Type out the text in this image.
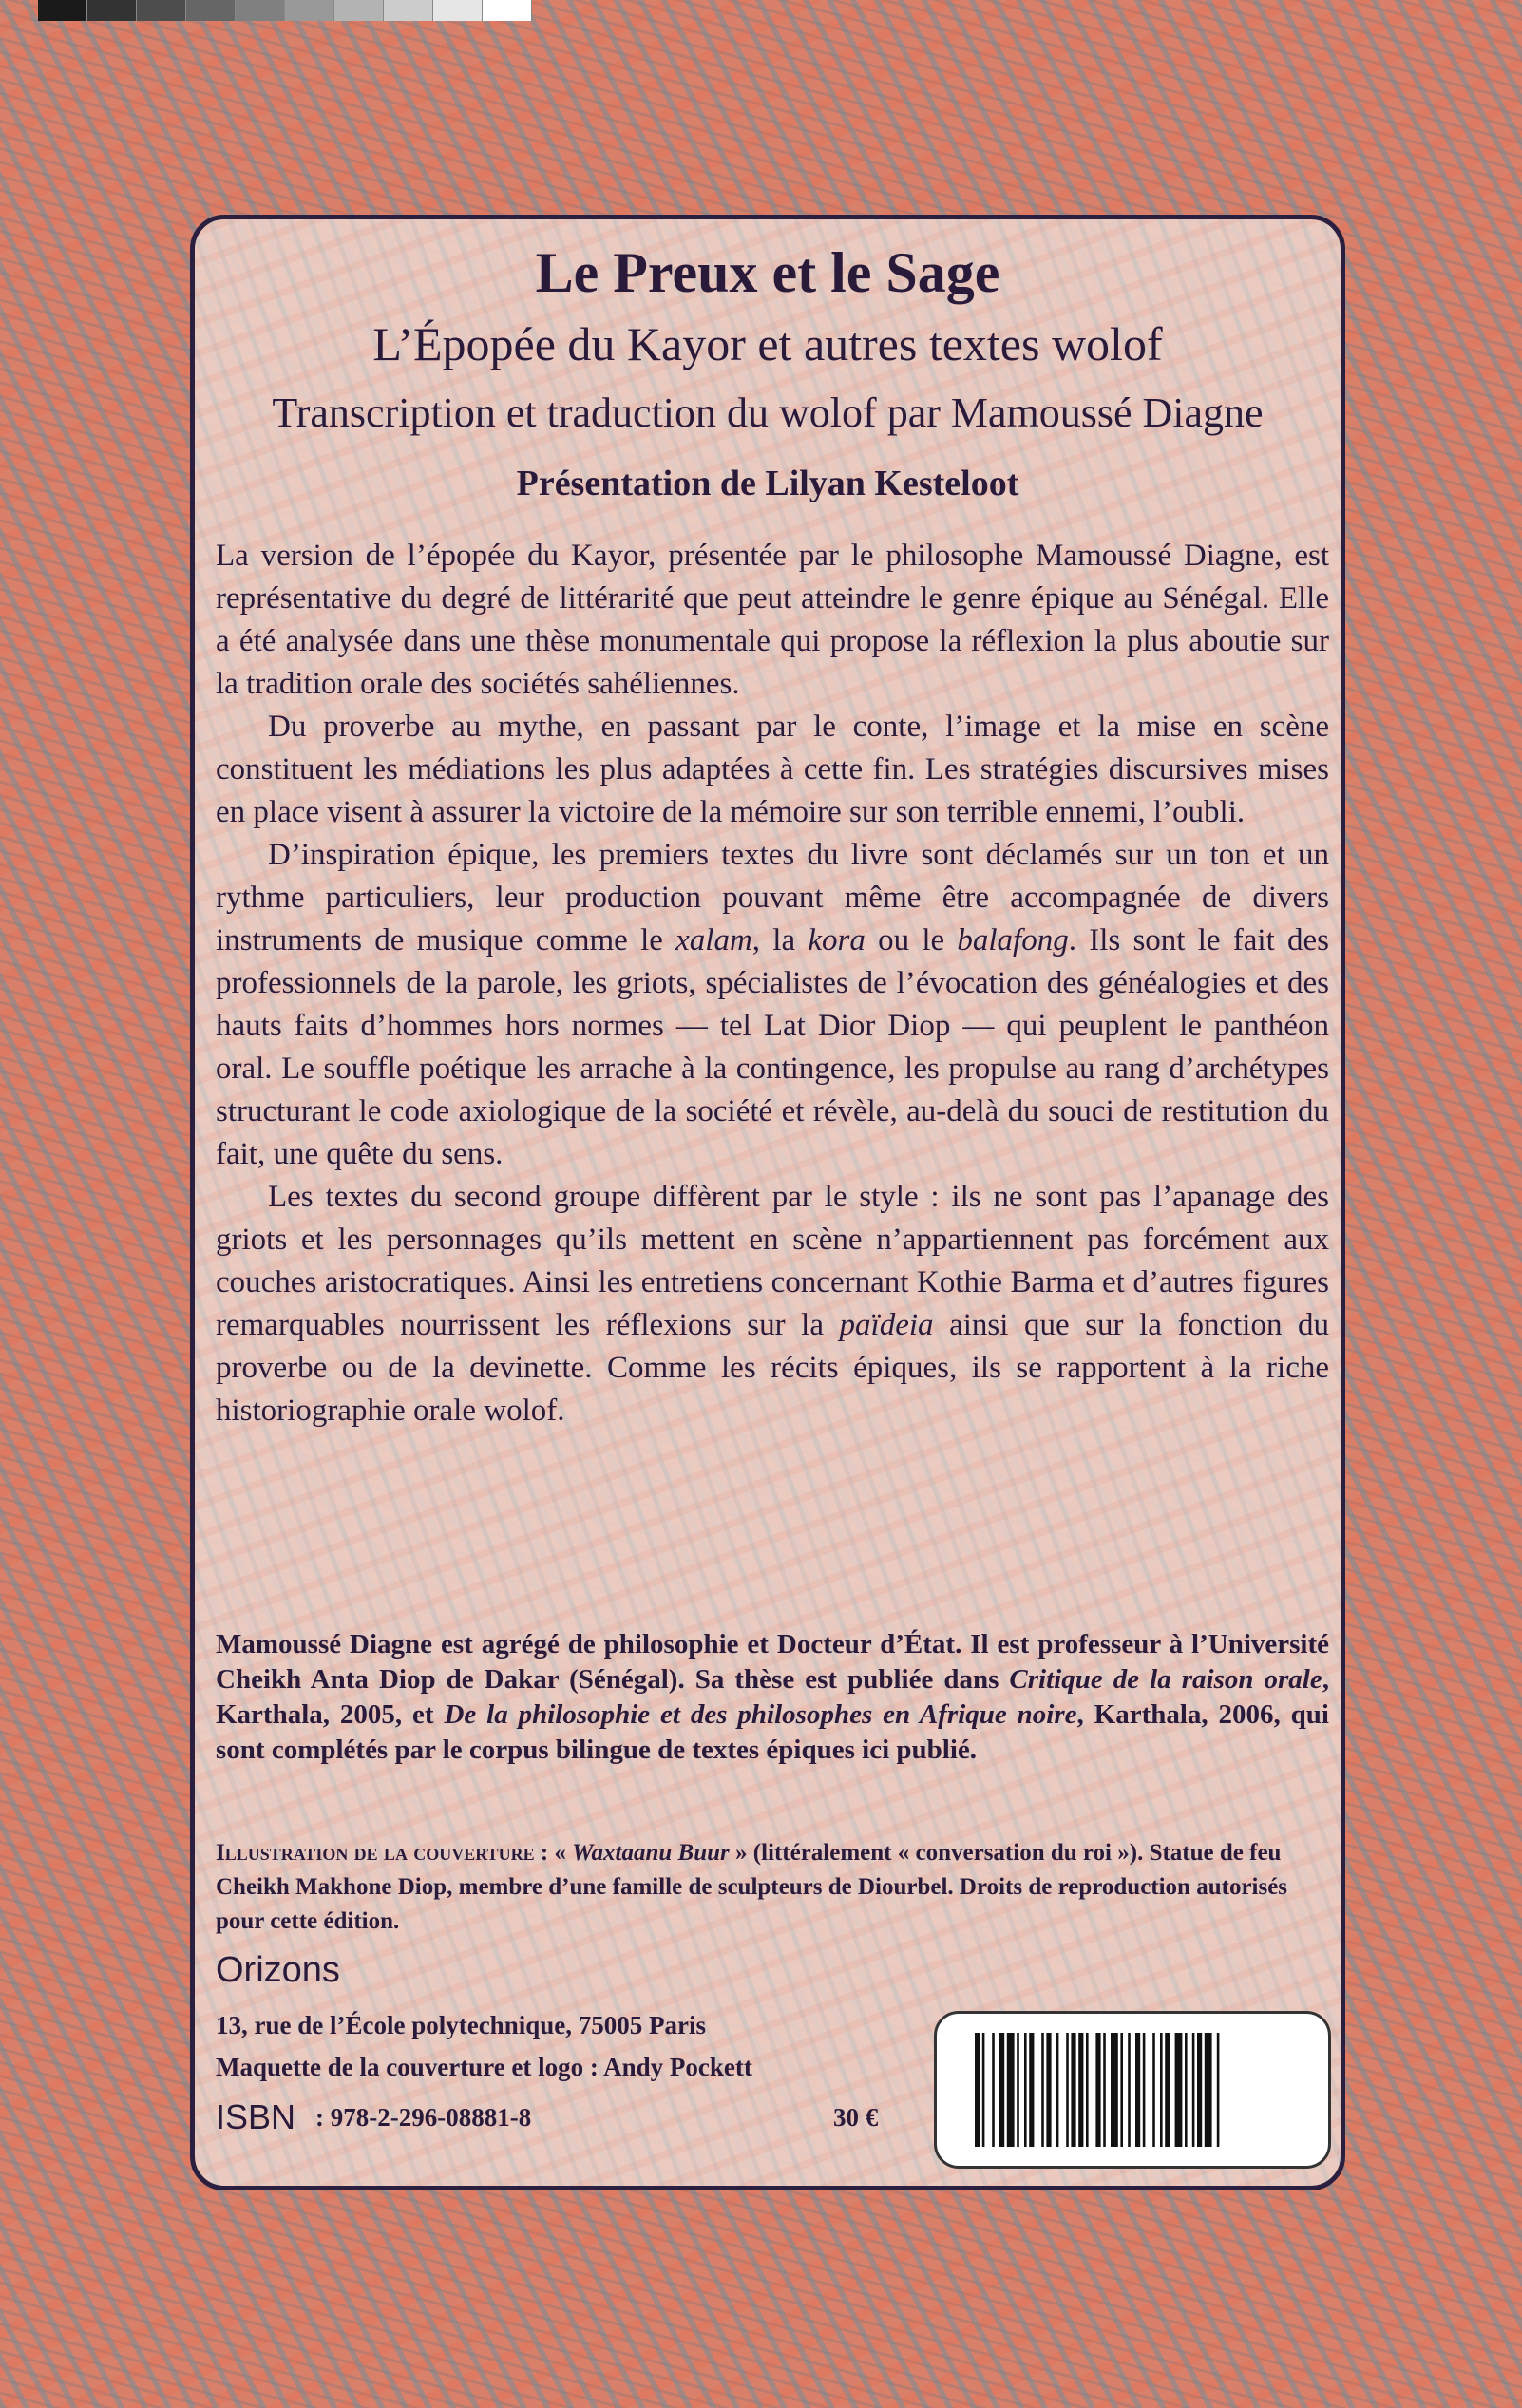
Le Preux et le Sage
L’Épopée du Kayor et autres textes wolof
Transcription et traduction du wolof par Mamoussé Diagne
Présentation de Lilyan Kesteloot

La version de l’épopée du Kayor, présentée par le philosophe Mamoussé Diagne, est représentative du degré de littérarité que peut atteindre le genre épique au Sénégal. Elle a été analysée dans une thèse monumentale qui propose la réflexion la plus aboutie sur la tradition orale des sociétés sahéliennes.

Du proverbe au mythe, en passant par le conte, l’image et la mise en scène constituent les médiations les plus adaptées à cette fin. Les stratégies discursives mises en place visent à assurer la victoire de la mémoire sur son terrible ennemi, l’oubli.

D’inspiration épique, les premiers textes du livre sont déclamés sur un ton et un rythme particuliers, leur production pouvant même être accompagnée de divers instruments de musique comme le xalam, la kora ou le balafong. Ils sont le fait des professionnels de la parole, les griots, spécialistes de l’évocation des généalogies et des hauts faits d’hommes hors normes — tel Lat Dior Diop — qui peuplent le panthéon oral. Le souffle poétique les arrache à la contingence, les propulse au rang d’archétypes structurant le code axiologique de la société et révèle, au-delà du souci de restitution du fait, une quête du sens.

Les textes du second groupe diffèrent par le style : ils ne sont pas l’apanage des griots et les personnages qu’ils mettent en scène n’appartiennent pas forcément aux couches aristocratiques. Ainsi les entretiens concernant Kothie Barma et d’autres figures remarquables nourrissent les réflexions sur la païdeia ainsi que sur la fonction du proverbe ou de la devinette. Comme les récits épiques, ils se rapportent à la riche historiographie orale wolof.

Mamoussé Diagne est agrégé de philosophie et Docteur d’État. Il est professeur à l’Université Cheikh Anta Diop de Dakar (Sénégal). Sa thèse est publiée dans Critique de la raison orale, Karthala, 2005, et De la philosophie et des philosophes en Afrique noire, Karthala, 2006, qui sont complétés par le corpus bilingue de textes épiques ici publié.
Illustration de la couverture : « Waxtaanu Buur » (littéralement « conversation du roi »). Statue de feu Cheikh Makhone Diop, membre d’une famille de sculpteurs de Diourbel. Droits de reproduction autorisés pour cette édition.
Orizons
13, rue de l’École polytechnique, 75005 Paris
Maquette de la couverture et logo : Andy Pockett
ISBN : 978-2-296-08881-8	30 €
